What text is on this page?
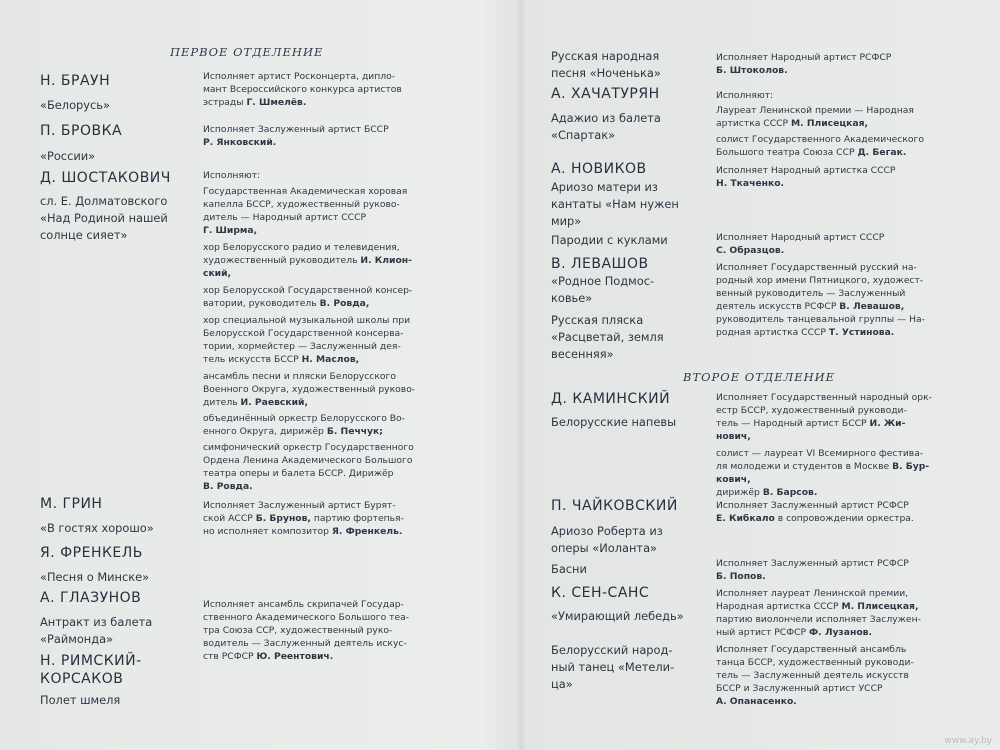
ПЕРВОЕ ОТДЕЛЕНИЕ
Н. БРАУН
П. БРОВКА
Д. ШОСТАКОВИЧ
М. ГРИН
Я. ФРЕНКЕЛЬ
А. ГЛАЗУНОВ
Н. РИМСКИЙ-
КОРСАКОВ
«Белорусь»
«России»
сл. Е. Долматовского
«Над Родиной нашей
солнце сияет»
«В гостях хорошо»
«Песня о Минске»
Антракт из балета
«Раймонда»
Полет шмеля
Исполняет артист Росконцерта, дипло-
мант Всероссийского конкурса артистов
эстрады Г. Шмелёв.
Исполняет Заслуженный артист БССР
Р. Янковский.
Исполняют:
Государственная Академическая хоровая
капелла БССР, художественный руково-
дитель — Народный артист СССР
Г. Ширма,
хор Белорусского радио и телевидения,
художественный руководитель И. Клион-
ский,
хор Белорусской Государственной консер-
ватории, руководитель В. Ровда,
хор специальной музыкальной школы при
Белорусской Государственной консерва-
тории, хормейстер — Заслуженный дея-
тель искусств БССР Н. Маслов,
ансамбль песни и пляски Белорусского
Военного Округа, художественный руково-
дитель И. Раевский,
объединённый оркестр Белорусского Во-
енного Округа, дирижёр Б. Печчук;
симфонический оркестр Государственного
Ордена Ленина Академического Большого
театра оперы и балета БССР. Дирижёр
В. Ровда.
Исполняет Заслуженный артист Бурят-
ской АССР Б. Брунов, партию фортепья-
но исполняет композитор Я. Френкель.
Исполняет ансамбль скрипачей Государ-
ственного Академического Большого теа-
тра Союза ССР, художественный руко-
водитель — Заслуженный деятель искус-
ств РСФСР Ю. Реентович.
Русская народная
песня «Ноченька»
А. ХАЧАТУРЯН
Адажио из балета
«Спартак»
А. НОВИКОВ
Ариозо матери из
кантаты «Нам нужен
мир»
Пародии с куклами
В. ЛЕВАШОВ
«Родное Подмос-
ковье»
Русская пляска
«Расцветай, земля
весенняя»
ВТОРОЕ ОТДЕЛЕНИЕ
Д. КАМИНСКИЙ
Белорусские напевы
П. ЧАЙКОВСКИЙ
Ариозо Роберта из
оперы «Иоланта»
Басни
К. СЕН-САНС
«Умирающий лебедь»
Белорусский народ-
ный танец «Метели-
ца»
Исполняет Народный артист РСФСР
Б. Штоколов.
Исполняют:
Лауреат Ленинской премии — Народная
артистка СССР М. Плисецкая,
солист Государственного Академического
Большого театра Союза ССР Д. Бегак.
Исполняет Народный артистка СССР
Н. Ткаченко.
Исполняет Народный артист СССР
С. Образцов.
Исполняет Государственный русский на-
родный хор имени Пятницкого, художест-
венный руководитель — Заслуженный
деятель искусств РСФСР В. Левашов,
руководитель танцевальной группы — На-
родная артистка СССР Т. Устинова.
Исполняет Государственный народный орк-
естр БССР, художественный руководи-
тель — Народный артист БССР И. Жи-
нович,
солист — лауреат VI Всемирного фестива-
ля молодежи и студентов в Москве В. Бур-
кович,
дирижёр В. Барсов.
Исполняет Заслуженный артист РСФСР
Е. Кибкало в сопровождении оркестра.
Исполняет Заслуженный артист РСФСР
Б. Попов.
Исполняет лауреат Ленинской премии,
Народная артистка СССР М. Плисецкая,
партию виолончели исполняет Заслужен-
ный артист РСФСР Ф. Лузанов.
Исполняет Государственный ансамбль
танца БССР, художественный руководи-
тель — Заслуженный деятель искусств
БССР и Заслуженный артист УССР
А. Опанасенко.
www.ay.by
